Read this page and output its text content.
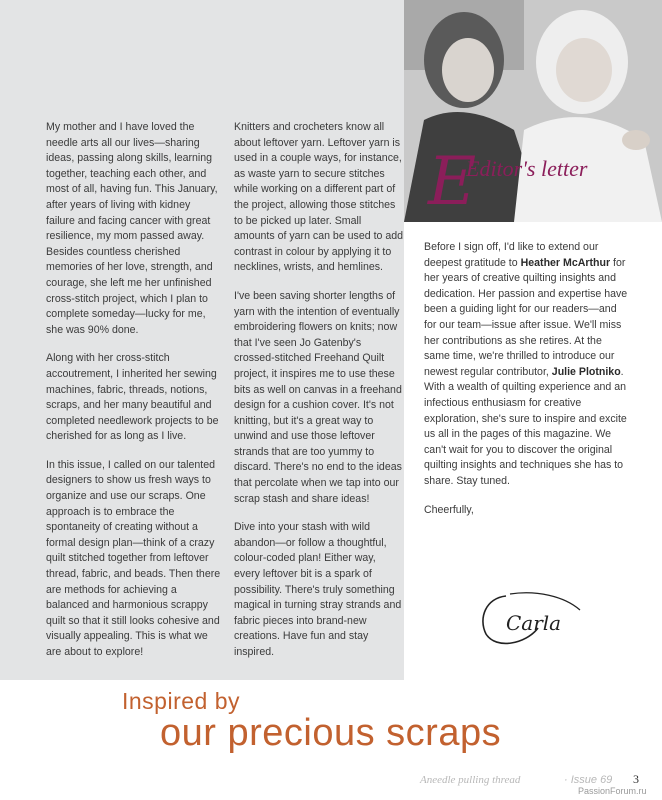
E
Editor's letter

My mother and I have loved the needle arts all our lives—sharing ideas, passing along skills, learning together, teaching each other, and most of all, having fun. This January, after years of living with kidney failure and facing cancer with great resilience, my mom passed away. Besides countless cherished memories of her love, strength, and courage, she left me her unfinished cross-stitch project, which I plan to complete someday—lucky for me, she was 90% done.

Along with her cross-stitch accoutrement, I inherited her sewing machines, fabric, threads, notions, scraps, and her many beautiful and completed needlework projects to be cherished for as long as I live.

In this issue, I called on our talented designers to show us fresh ways to organize and use our scraps. One approach is to embrace the spontaneity of creating without a formal design plan—think of a crazy quilt stitched together from leftover thread, fabric, and beads. Then there are methods for achieving a balanced and harmonious scrappy quilt so that it still looks cohesive and visually appealing. This is what we are about to explore!

Knitters and crocheters know all about leftover yarn. Leftover yarn is used in a couple ways, for instance, as waste yarn to secure stitches while working on a different part of the project, allowing those stitches to be picked up later. Small amounts of yarn can be used to add contrast in colour by applying it to necklines, wrists, and hemlines.

I've been saving shorter lengths of yarn with the intention of eventually embroidering flowers on knits; now that I've seen Jo Gatenby's crossed-stitched Freehand Quilt project, it inspires me to use these bits as well on canvas in a freehand design for a cushion cover. It's not knitting, but it's a great way to unwind and use those leftover strands that are too yummy to discard. There's no end to the ideas that percolate when we tap into our scrap stash and share ideas!

Dive into your stash with wild abandon—or follow a thoughtful, colour-coded plan! Either way, every leftover bit is a spark of possibility. There's truly something magical in turning stray strands and fabric pieces into brand-new creations. Have fun and stay inspired.

Before I sign off, I'd like to extend our deepest gratitude to Heather McArthur for her years of creative quilting insights and dedication. Her passion and expertise have been a guiding light for our readers—and for our team—issue after issue. We'll miss her contributions as she retires. At the same time, we're thrilled to introduce our newest regular contributor, Julie Plotniko. With a wealth of quilting experience and an infectious enthusiasm for creative exploration, she's sure to inspire and excite us all in the pages of this magazine. We can't wait for you to discover the original quilting insights and techniques she has to share. Stay tuned.

Cheerfully,

Carla
Inspired by
our precious scraps
Aneedle pulling thread	· Issue 69 3
PassionForum.ru
